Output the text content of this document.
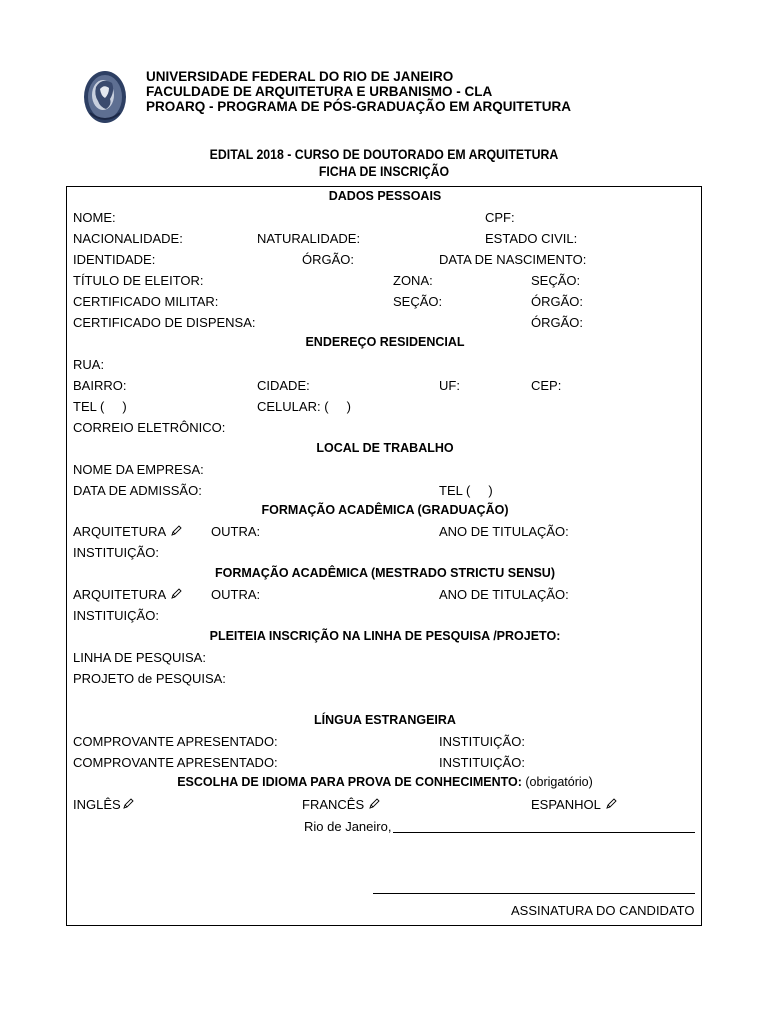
UNIVERSIDADE FEDERAL DO RIO DE JANEIRO
FACULDADE DE ARQUITETURA E URBANISMO - CLA
PROARQ - PROGRAMA DE PÓS-GRADUAÇÃO EM ARQUITETURA
EDITAL 2018 - CURSO DE DOUTORADO EM ARQUITETURA
FICHA DE INSCRIÇÃO
DADOS PESSOAIS
NOME:	CPF:
NACIONALIDADE:	NATURALIDADE:	ESTADO CIVIL:
IDENTIDADE:	ÓRGÃO:	DATA DE NASCIMENTO:
TÍTULO DE ELEITOR:	ZONA:	SEÇÃO:
CERTIFICADO MILITAR:	SEÇÃO:	ÓRGÃO:
CERTIFICADO DE DISPENSA:	ÓRGÃO:
ENDEREÇO RESIDENCIAL
RUA:
BAIRRO:	CIDADE:	UF:	CEP:
TEL (     )	CELULAR: (     )
CORREIO ELETRÔNICO:
LOCAL DE TRABALHO
NOME DA EMPRESA:
DATA DE ADMISSÃO:	TEL (     )
FORMAÇÃO ACADÊMICA (GRADUAÇÃO)
ARQUITETURA	OUTRA:	ANO DE TITULAÇÃO:
INSTITUIÇÃO:
FORMAÇÃO ACADÊMICA (MESTRADO STRICTU SENSU)
ARQUITETURA	OUTRA:	ANO DE TITULAÇÃO:
INSTITUIÇÃO:
PLEITEIA INSCRIÇÃO NA LINHA DE PESQUISA /PROJETO:
LINHA DE PESQUISA:
PROJETO de PESQUISA:
LÍNGUA ESTRANGEIRA
COMPROVANTE APRESENTADO:	INSTITUIÇÃO:
COMPROVANTE APRESENTADO:	INSTITUIÇÃO:
ESCOLHA DE IDIOMA PARA PROVA DE CONHECIMENTO: (obrigatório)
INGLÊS	FRANCÊS	ESPANHOL
Rio de Janeiro,
ASSINATURA DO CANDIDATO
